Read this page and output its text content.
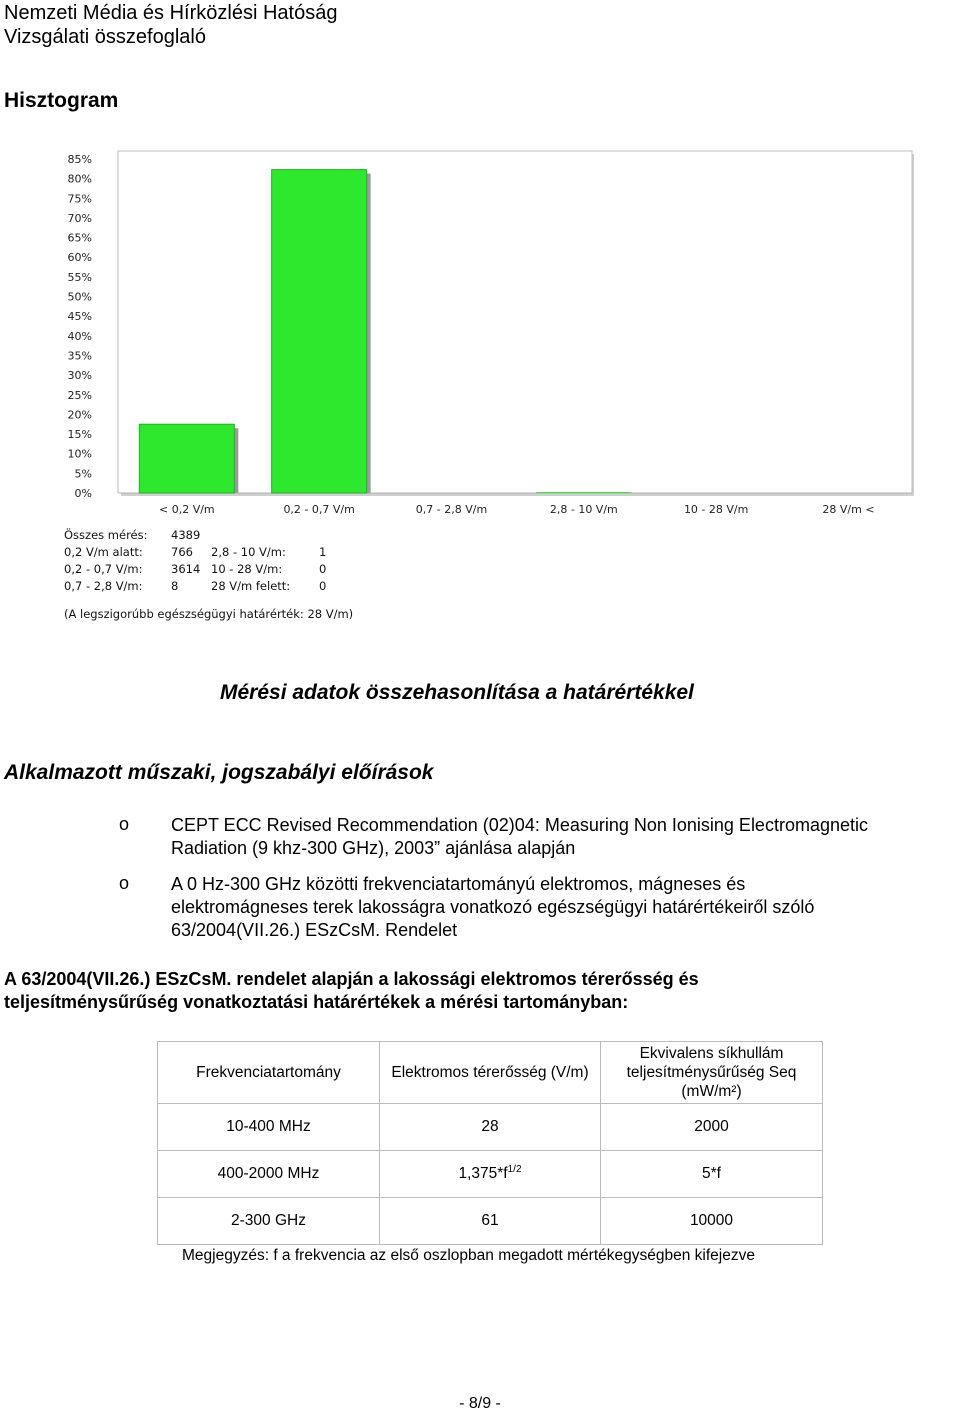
Nemzeti Média és Hírközlési Hatóság
Vizsgálati összefoglaló
Hisztogram
0%
5%
10%
15%
20%
25%
30%
35%
40%
45%
50%
55%
60%
65%
70%
75%
80%
85%
< 0,2 V/m	0,2 - 0,7 V/m	0,7 - 2,8 V/m	2,8 - 10 V/m	10 - 28 V/m	28 V/m <
Összes mérés: 4389
0,2 V/m alatt: 766 2,8 - 10 V/m:	1
0,2 - 0,7 V/m: 3614 10 - 28 V/m:	0
0,7 - 2,8 V/m: 8	28 V/m felett:	0
(A legszigorúbb egészségügyi határérték: 28 V/m)
Mérési adatok összehasonlítása a határértékkel
Alkalmazott műszaki, jogszabályi előírások
o CEPT ECC Revised Recommendation (02)04: Measuring Non Ionising Electromagnetic
Radiation (9 khz-300 GHz), 2003” ajánlása alapján
o A 0 Hz-300 GHz közötti frekvenciatartományú elektromos, mágneses és
elektromágneses terek lakosságra vonatkozó egészségügyi határértékeiről szóló
63/2004(VII.26.) ESzCsM. Rendelet
A 63/2004(VII.26.) ESzCsM. rendelet alapján a lakossági elektromos térerősség és
teljesítménysűrűség vonatkoztatási határértékek a mérési tartományban:
Frekvenciatartomány	Elektromos térerősség (V/m)	Ekvivalens síkhullám
teljesítménysűrűség Seq
(mW/m²)

10-400 MHz	28	2000
400-2000 MHz	$1,375*f^{1/2}$	5*f
2-300 GHz	61	10000
Megjegyzés: f a frekvencia az első oszlopban megadott mértékegységben kifejezve
- 8/9 -
